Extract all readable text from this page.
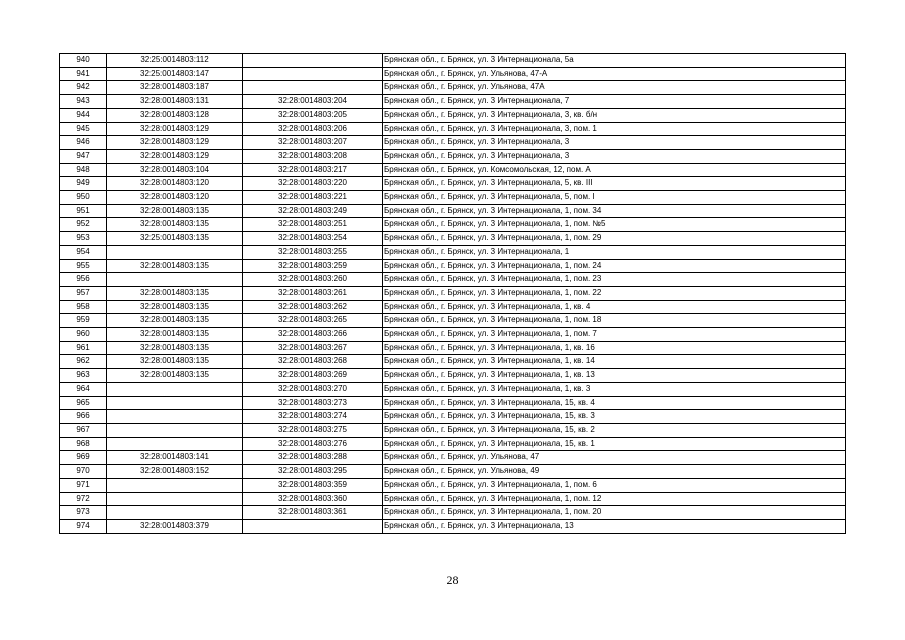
940	32:25:0014803:112		Брянская обл., г. Брянск, ул. 3 Интернационала, 5а
941	32:25:0014803:147		Брянская обл., г. Брянск, ул. Ульянова, 47-А
942	32:28:0014803:187		Брянская обл., г. Брянск, ул. Ульянова, 47А
943	32:28:0014803:131	32:28:0014803:204	Брянская обл., г. Брянск, ул. 3 Интернационала, 7
944	32:28:0014803:128	32:28:0014803:205	Брянская обл., г. Брянск, ул. 3 Интернационала, 3, кв. б/н
945	32:28:0014803:129	32:28:0014803:206	Брянская обл., г. Брянск, ул. 3 Интернационала, 3, пом. 1
946	32:28:0014803:129	32:28:0014803:207	Брянская обл., г. Брянск, ул. 3 Интернационала, 3
947	32:28:0014803:129	32:28:0014803:208	Брянская обл., г. Брянск, ул. 3 Интернационала, 3
948	32:28:0014803:104	32:28:0014803:217	Брянская обл., г. Брянск, ул. Комсомольская, 12, пом. А
949	32:28:0014803:120	32:28:0014803:220	Брянская обл., г. Брянск, ул. 3 Интернационала, 5, кв. III
950	32:28:0014803:120	32:28:0014803:221	Брянская обл., г. Брянск, ул. 3 Интернационала, 5, пом. I
951	32:28:0014803:135	32:28:0014803:249	Брянская обл., г. Брянск, ул. 3 Интернационала, 1, пом. 34
952	32:28:0014803:135	32:28:0014803:251	Брянская обл., г. Брянск, ул. 3 Интернационала, 1, пом. №5
953	32:25:0014803:135	32:28:0014803:254	Брянская обл., г. Брянск, ул. 3 Интернационала, 1, пом. 29
954		32:28:0014803:255	Брянская обл., г. Брянск, ул. 3 Интернационала, 1
955	32:28:0014803:135	32:28:0014803:259	Брянская обл., г. Брянск, ул. 3 Интернационала, 1, пом. 24
956		32:28:0014803:260	Брянская обл., г. Брянск, ул. 3 Интернационала, 1, пом. 23
957	32:28:0014803:135	32:28:0014803:261	Брянская обл., г. Брянск, ул. 3 Интернационала, 1, пом. 22
958	32:28:0014803:135	32:28:0014803:262	Брянская обл., г. Брянск, ул. 3 Интернационала, 1, кв. 4
959	32:28:0014803:135	32:28:0014803:265	Брянская обл., г. Брянск, ул. 3 Интернационала, 1, пом. 18
960	32:28:0014803:135	32:28:0014803:266	Брянская обл., г. Брянск, ул. 3 Интернационала, 1, пом. 7
961	32:28:0014803:135	32:28:0014803:267	Брянская обл., г. Брянск, ул. 3 Интернационала, 1, кв. 16
962	32:28:0014803:135	32:28:0014803:268	Брянская обл., г. Брянск, ул. 3 Интернационала, 1, кв. 14
963	32:28:0014803:135	32:28:0014803:269	Брянская обл., г. Брянск, ул. 3 Интернационала, 1, кв. 13
964		32:28:0014803:270	Брянская обл., г. Брянск, ул. 3 Интернационала, 1, кв. 3
965		32:28:0014803:273	Брянская обл., г. Брянск, ул. 3 Интернационала, 15, кв. 4
966		32:28:0014803:274	Брянская обл., г. Брянск, ул. 3 Интернационала, 15, кв. 3
967		32:28:0014803:275	Брянская обл., г. Брянск, ул. 3 Интернационала, 15, кв. 2
968		32:28:0014803:276	Брянская обл., г. Брянск, ул. 3 Интернационала, 15, кв. 1
969	32:28:0014803:141	32:28:0014803:288	Брянская обл., г. Брянск, ул. Ульянова, 47
970	32:28:0014803:152	32:28:0014803:295	Брянская обл., г. Брянск, ул. Ульянова, 49
971		32:28:0014803:359	Брянская обл., г. Брянск, ул. 3 Интернационала, 1, пом. 6
972		32:28:0014803:360	Брянская обл., г. Брянск, ул. 3 Интернационала, 1, пом. 12
973		32:28:0014803:361	Брянская обл., г. Брянск, ул. 3 Интернационала, 1, пом. 20
974	32:28:0014803:379		Брянская обл., г. Брянск, ул. 3 Интернационала, 13
28
